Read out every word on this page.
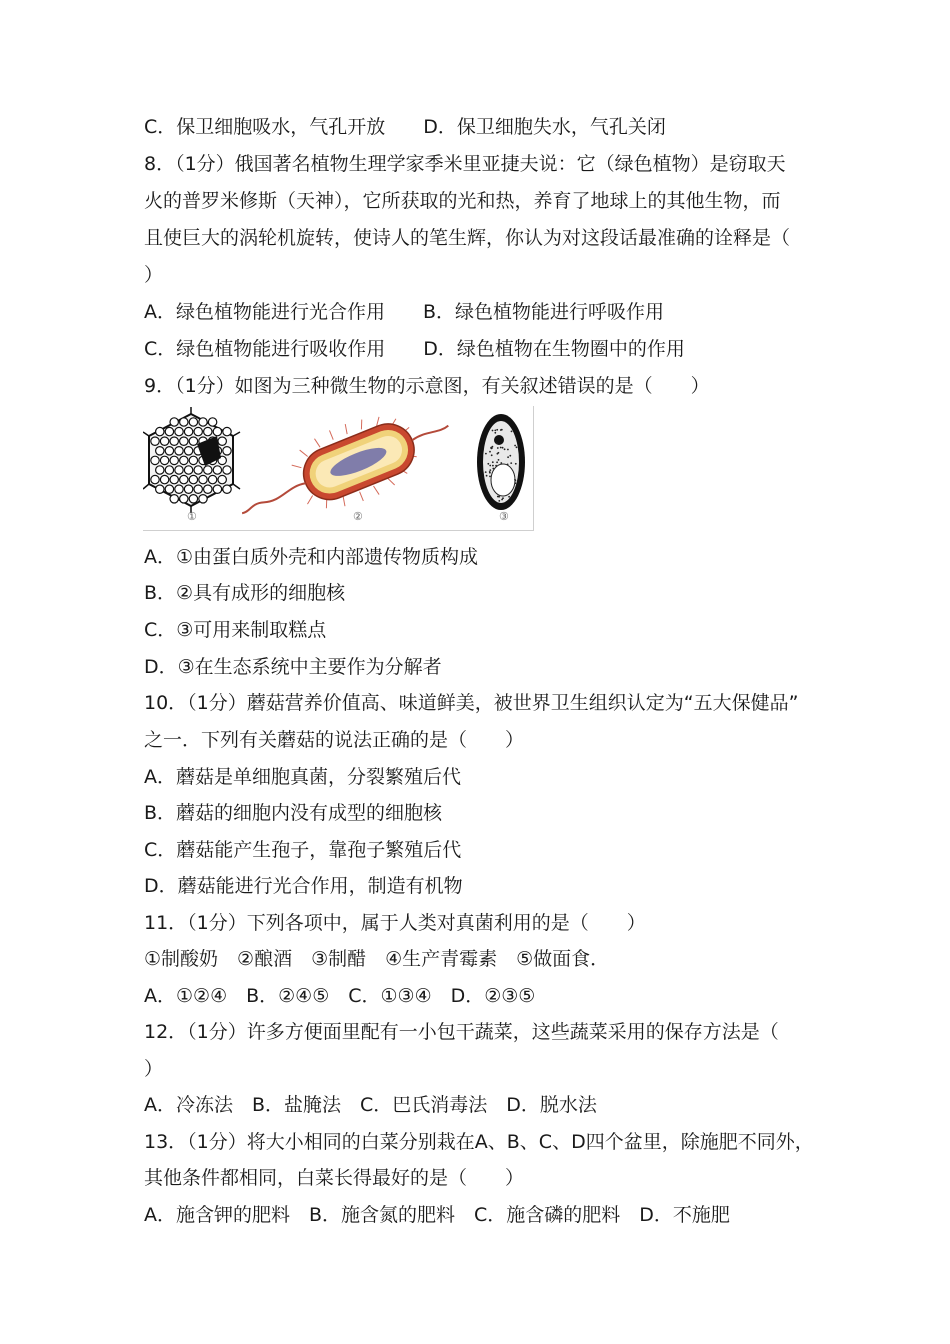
C．保卫细胞吸水，气孔开放　　D．保卫细胞失水，气孔关闭
8．（1分）俄国著名植物生理学家季米里亚捷夫说：它（绿色植物）是窃取天
火的普罗米修斯（天神），它所获取的光和热，养育了地球上的其他生物，而
且使巨大的涡轮机旋转，使诗人的笔生辉，你认为对这段话最准确的诠释是（
）
A．绿色植物能进行光合作用　　B．绿色植物能进行呼吸作用
C．绿色植物能进行吸收作用　　D．绿色植物在生物圈中的作用
9．（1分）如图为三种微生物的示意图，有关叙述错误的是（　　）
①	②	③
A．①由蛋白质外壳和内部遗传物质构成
B．②具有成形的细胞核
C．③可用来制取糕点
D．③在生态系统中主要作为分解者
10．（1分）蘑菇营养价值高、味道鲜美，被世界卫生组织认定为“五大保健品”
之一．下列有关蘑菇的说法正确的是（　　）
A．蘑菇是单细胞真菌，分裂繁殖后代
B．蘑菇的细胞内没有成型的细胞核
C．蘑菇能产生孢子，靠孢子繁殖后代
D．蘑菇能进行光合作用，制造有机物
11．（1分）下列各项中，属于人类对真菌利用的是（　　）
①制酸奶　②酿酒　③制醋　④生产青霉素　⑤做面食．
A．①②④　B．②④⑤　C．①③④　D．②③⑤
12．（1分）许多方便面里配有一小包干蔬菜，这些蔬菜采用的保存方法是（
）
A．冷冻法　B．盐腌法　C．巴氏消毒法　D．脱水法
13．（1分）将大小相同的白菜分别栽在A、B、C、D四个盆里，除施肥不同外，
其他条件都相同，白菜长得最好的是（　　）
A．施含钾的肥料　B．施含氮的肥料　C．施含磷的肥料　D．不施肥
